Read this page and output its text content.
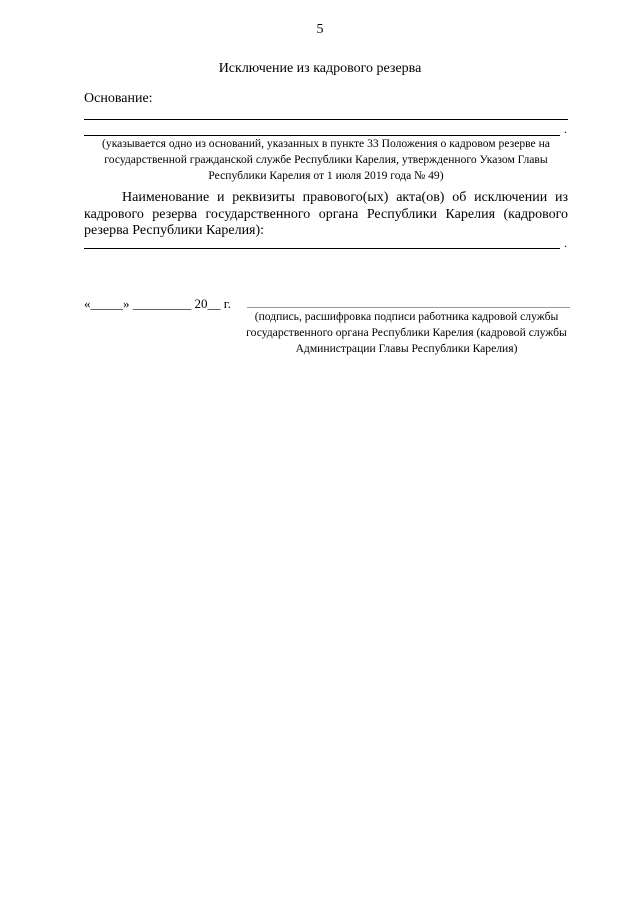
5
Исключение из кадрового резерва
Основание:
.
(указывается одно из оснований, указанных в пункте 33 Положения о кадровом резерве на
государственной гражданской службе Республики Карелия, утвержденного Указом Главы
Республики Карелия от 1 июля 2019 года № 49)
Наименование и реквизиты правового(ых) акта(ов) об исключении из кадрового резерва государственного органа Республики Карелия (кадрового резерва Республики Карелия):
.
«_____» _________ 20__ г.
(подпись, расшифровка подписи работника кадровой службы
государственного органа Республики Карелия (кадровой службы
Администрации Главы Республики Карелия)
